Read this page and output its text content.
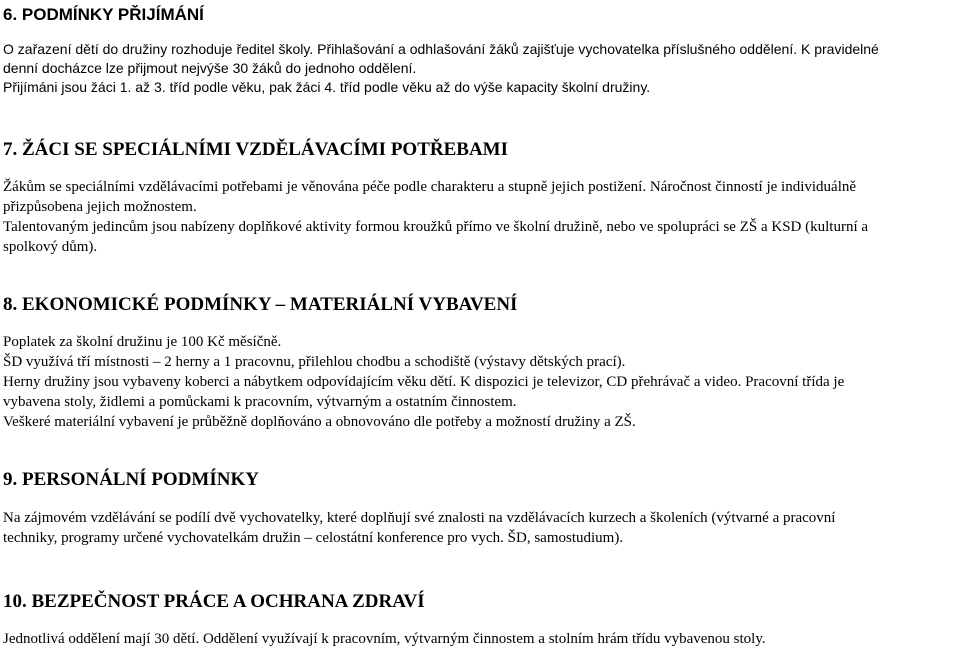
6. PODMÍNKY PŘIJÍMÁNÍ
O zařazení dětí do družiny rozhoduje ředitel školy. Přihlašování a odhlašování žáků zajišťuje vychovatelka příslušného oddělení. K pravidelné
denní docházce lze přijmout nejvýše 30 žáků do jednoho oddělení.
Přijímáni jsou žáci 1. až 3. tříd podle věku, pak žáci 4. tříd podle věku až do výše kapacity školní družiny.
7. ŽÁCI SE SPECIÁLNÍMI VZDĚLÁVACÍMI POTŘEBAMI
Žákům se speciálními vzdělávacími potřebami je věnována péče podle charakteru a stupně jejich postižení. Náročnost činností je individuálně
přizpůsobena jejich možnostem.
Talentovaným jedincům jsou nabízeny doplňkové aktivity formou kroužků přímo ve školní družině, nebo ve spolupráci se ZŠ a KSD (kulturní a
spolkový dům).
8. EKONOMICKÉ PODMÍNKY – MATERIÁLNÍ VYBAVENÍ
Poplatek za školní družinu je 100 Kč měsíčně.
ŠD využívá tří místnosti – 2 herny a 1 pracovnu, přilehlou chodbu a schodiště (výstavy dětských prací).
Herny družiny jsou vybaveny koberci a nábytkem odpovídajícím věku dětí. K dispozici je televizor, CD přehrávač a video. Pracovní třída je
vybavena stoly, židlemi a pomůckami k pracovním, výtvarným a ostatním činnostem.
Veškeré materiální vybavení je průběžně doplňováno a obnovováno dle potřeby a možností družiny a ZŠ.
9. PERSONÁLNÍ PODMÍNKY
Na zájmovém vzdělávání se podílí dvě vychovatelky, které doplňují své znalosti na vzdělávacích kurzech a školeních (výtvarné a pracovní
techniky, programy určené vychovatelkám družin – celostátní konference pro vych. ŠD, samostudium).
10. BEZPEČNOST PRÁCE A OCHRANA ZDRAVÍ
Jednotlivá oddělení mají 30 dětí. Oddělení využívají k pracovním, výtvarným činnostem a stolním hrám třídu vybavenou stoly.
